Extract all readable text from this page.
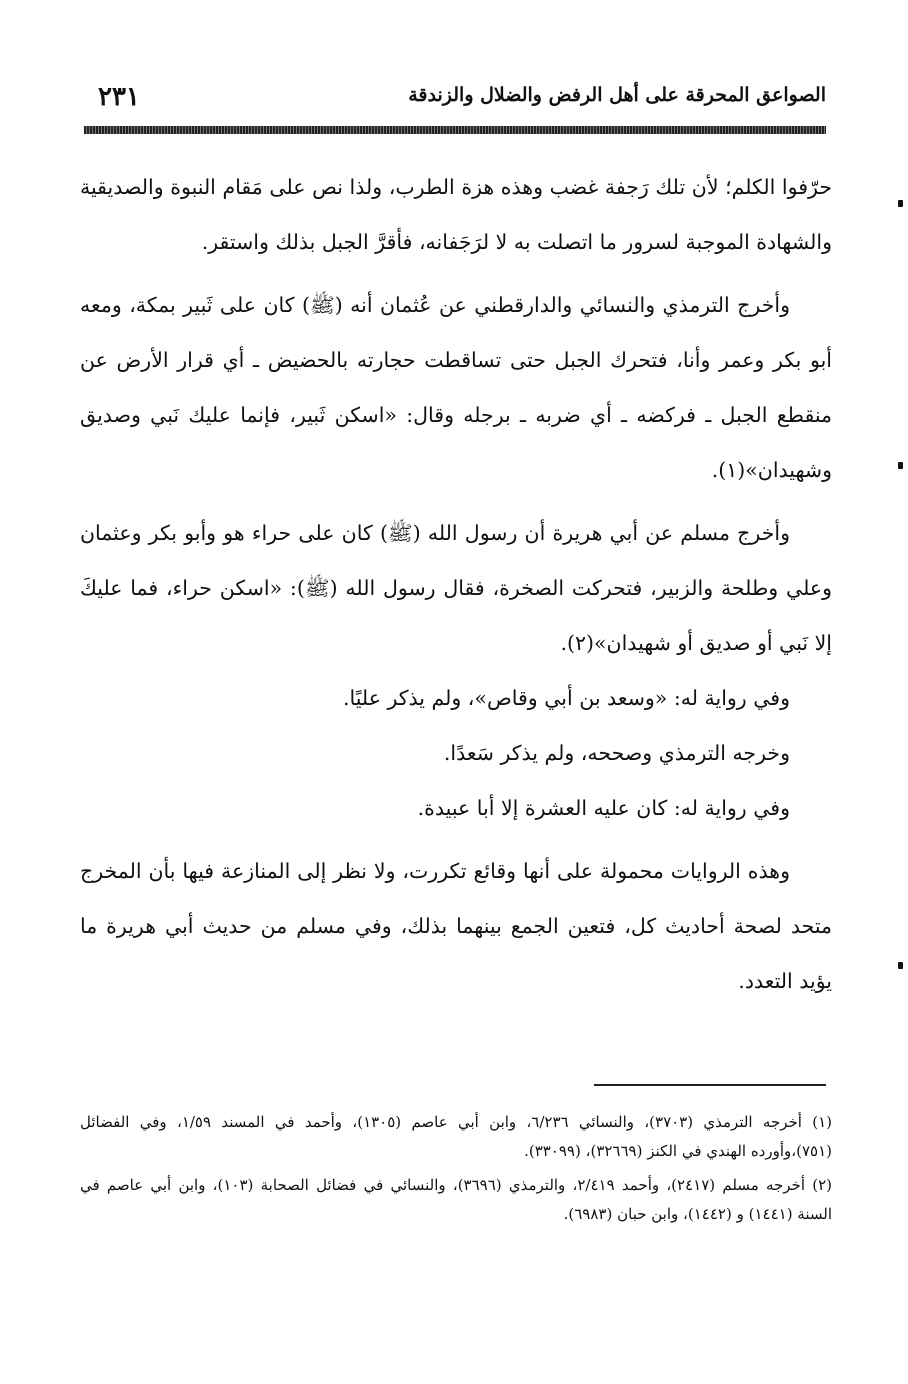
الصواعق المحرقة على أهل الرفض والضلال والزندقة
٢٣١

حرّفوا الكلم؛ لأن تلك رَجفة غضب وهذه هزة الطرب، ولذا نص على مَقام النبوة والصديقية والشهادة الموجبة لسرور ما اتصلت به لا لرَجَفانه، فأقرَّ الجبل بذلك واستقر.

وأخرج الترمذي والنسائي والدارقطني عن عُثمان أنه (ﷺ) كان على ثَبير بمكة، ومعه أبو بكر وعمر وأنا، فتحرك الجبل حتى تساقطت حجارته بالحضيض ـ أي قرار الأرض عن منقطع الجبل ـ فركضه ـ أي ضربه ـ برجله وقال: «اسكن ثَبير، فإنما عليك نَبي وصديق وشهيدان»(١).

وأخرج مسلم عن أبي هريرة أن رسول الله (ﷺ) كان على حراء هو وأبو بكر وعثمان وعلي وطلحة والزبير، فتحركت الصخرة، فقال رسول الله (ﷺ): «اسكن حراء، فما عليكَ إلا نَبي أو صديق أو شهيدان»(٢).

وفي رواية له: «وسعد بن أبي وقاص»، ولم يذكر عليًا.

وخرجه الترمذي وصححه، ولم يذكر سَعدًا.

وفي رواية له: كان عليه العشرة إلا أبا عبيدة.

وهذه الروايات محمولة على أنها وقائع تكررت، ولا نظر إلى المنازعة فيها بأن المخرج متحد لصحة أحاديث كل، فتعين الجمع بينهما بذلك، وفي مسلم من حديث أبي هريرة ما يؤيد التعدد.

(١) أخرجه الترمذي (٣٧٠٣)، والنسائي ٦/٢٣٦، وابن أبي عاصم (١٣٠٥)، وأحمد في المسند ١/٥٩، وفي الفضائل (٧٥١)،وأورده الهندي في الكنز (٣٢٦٦٩)، (٣٣٠٩٩).

(٢) أخرجه مسلم (٢٤١٧)، وأحمد ٢/٤١٩، والترمذي (٣٦٩٦)، والنسائي في فضائل الصحابة (١٠٣)، وابن أبي عاصم في السنة (١٤٤١) و (١٤٤٢)، وابن حبان (٦٩٨٣).
